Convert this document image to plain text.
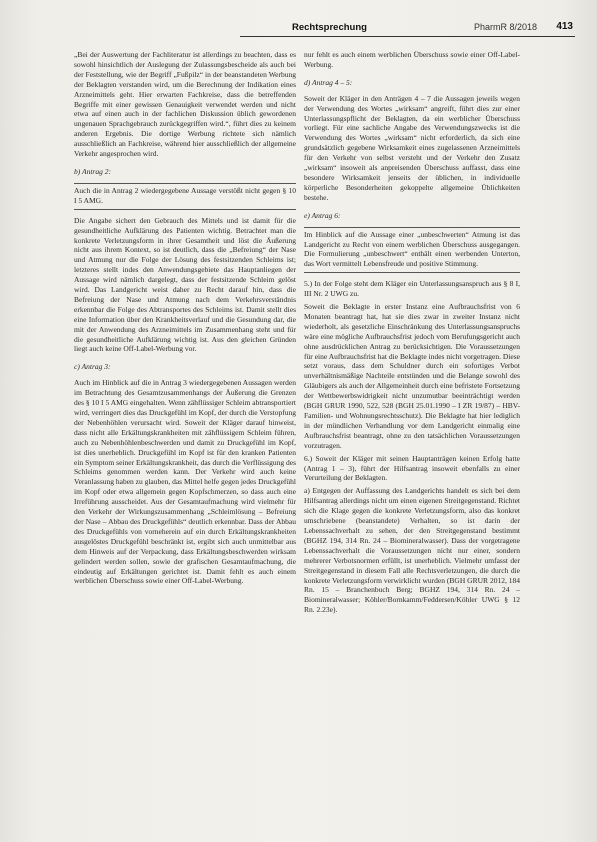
Rechtsprechung	PharmR 8/2018 413

„Bei der Auswertung der Fachliteratur ist allerdings zu beachten, dass es sowohl hinsichtlich der Auslegung der Zulassungsbescheide als auch bei der Feststellung, wie der Begriff „Fußpilz“ in der beanstandeten Werbung der Beklagten verstanden wird, um die Berechnung der Indikation eines Arzneimittels geht. Hier erwarten Fachkreise, dass die betreffenden Begriffe mit einer gewissen Genauigkeit verwendet werden und nicht etwa auf einen auch in der fachlichen Diskussion üblich gewordenen ungenauen Sprachgebrauch zurückgegriffen wird.“, führt dies zu keinem anderen Ergebnis. Die dortige Werbung richtete sich nämlich ausschließlich an Fachkreise, während hier ausschließlich der allgemeine Verkehr angesprochen wird.

b) Antrag 2:

Auch die in Antrag 2 wiedergegebene Aussage verstößt nicht gegen § 10 I 5 AMG.

Die Angabe sichert den Gebrauch des Mittels und ist damit für die gesundheitliche Aufklärung des Patienten wichtig. Betrachtet man die konkrete Verletzungsform in ihrer Gesamtheit und löst die Äußerung nicht aus ihrem Kontext, so ist deutlich, dass die „Befreiung“ der Nase und Atmung nur die Folge der Lösung des festsitzenden Schleims ist; letzteres stellt indes den Anwendungsgebiete das Hauptanliegen der Aussage wird nämlich dargelegt, dass der festsitzende Schleim gelöst wird. Das Landgericht weist daher zu Recht darauf hin, dass die Befreiung der Nase und Atmung nach dem Verkehrsverständnis erkennbar die Folge des Abtransportes des Schleims ist. Damit stellt dies eine Information über den Krankheitsverlauf und die Gesundung dar, die mit der Anwendung des Arzneimittels im Zusammenhang steht und für die gesundheitliche Aufklärung wichtig ist. Aus den gleichen Gründen liegt auch keine Off-Label-Werbung vor.

c) Antrag 3:

Auch im Hinblick auf die in Antrag 3 wiedergegebenen Aussagen werden im Betrachtung des Gesamtzusammenhangs der Äußerung die Grenzen des § 10 I 5 AMG eingehalten. Wenn zähflüssiger Schleim abtransportiert wird, verringert dies das Druckgefühl im Kopf, der durch die Verstopfung der Nebenhöhlen verursacht wird. Soweit der Kläger darauf hinweist, dass nicht alle Erkältungskrankheiten mit zähflüssigem Schleim führen, auch zu Nebenhöhlenbeschwerden und damit zu Druckgefühl im Kopf, ist dies unerheblich. Druckgefühl im Kopf ist für den kranken Patienten ein Symptom seiner Erkältungskrankheit, das durch die Verflüssigung des Schleims genommen werden kann. Der Verkehr wird auch keine Veranlassung haben zu glauben, das Mittel helfe gegen jedes Druckgefühl im Kopf oder etwa allgemein gegen Kopfschmerzen, so dass auch eine Irreführung ausscheidet. Aus der Gesamtaufmachung wird vielmehr für den Verkehr der Wirkungszusammenhang „Schleimlösung – Befreiung der Nase – Abbau des Druckgefühls“ deutlich erkennbar. Dass der Abbau des Druckgefühls von vorneherein auf ein durch Erkältungskrankheiten ausgelöstes Druckgefühl beschränkt ist, ergibt sich auch unmittelbar aus dem Hinweis auf der Verpackung, dass Erkältungsbeschwerden wirksam gelindert werden sollen, sowie der grafischen Gesamtaufmachung, die eindeutig auf Erkältungen gerichtet ist. Damit fehlt es auch einem werblichen Überschuss sowie einer Off-Label-Werbung.

nur fehlt es auch einem werblichen Überschuss sowie einer Off-Label-Werbung.

d) Antrag 4 – 5:

Soweit der Kläger in den Anträgen 4 – 7 die Aussagen jeweils wegen der Verwendung des Wortes „wirksam“ angreift, führt dies zur einer Unterlassungspflicht der Beklagten, da ein werblicher Überschuss vorliegt. Für eine sachliche Angabe des Verwendungszwecks ist die Verwendung des Wortes „wirksam“ nicht erforderlich, da sich eine grundsätzlich gegebene Wirksamkeit eines zugelassenen Arzneimittels für den Verkehr von selbst versteht und der Verkehr den Zusatz „wirksam“ insoweit als anpreisenden Überschuss auffasst, dass eine besondere Wirksamkeit jenseits der üblichen, in individuelle körperliche Besonderheiten gekoppelte allgemeine Üblichkeiten bestehe.

e) Antrag 6:

Im Hinblick auf die Aussage einer „unbeschwerten“ Atmung ist das Landgericht zu Recht von einem werblichen Überschuss ausgegangen. Die Formulierung „unbeschwert“ enthält einen werbenden Unterton, das Wort vermittelt Lebensfreude und positive Stimmung.

5.) In der Folge steht dem Kläger ein Unterlassungsanspruch aus § 8 I, III Nr. 2 UWG zu.

Soweit die Beklagte in erster Instanz eine Aufbrauchsfrist von 6 Monaten beantragt hat, hat sie dies zwar in zweiter Instanz nicht wiederholt, als gesetzliche Einschränkung des Unterlassungsanspruchs wäre eine mögliche Aufbrauchsfrist jedoch vom Berufungsgericht auch ohne ausdrücklichen Antrag zu berücksichtigen. Die Voraussetzungen für eine Aufbrauchsfrist hat die Beklagte indes nicht vorgetragen. Diese setzt voraus, dass dem Schuldner durch ein sofortiges Verbot unverhältnismäßige Nachteile entstünden und die Belange sowohl des Gläubigers als auch der Allgemeinheit durch eine befristete Fortsetzung der Wettbewerbswidrigkeit nicht unzumutbar beeinträchtigt werden (BGH GRUR 1990, 522, 528 (BGH 25.01.1990 – I ZR 19/87) – HBV-Familien- und Wohnungsrechtsschutz). Die Beklagte hat hier lediglich in der mündlichen Verhandlung vor dem Landgericht einmalig eine Aufbrauchsfrist beantragt, ohne zu den tatsächlichen Voraussetzungen vorzutragen.

6.) Soweit der Kläger mit seinen Hauptanträgen keinen Erfolg hatte (Antrag 1 – 3), führt der Hilfsantrag insoweit ebenfalls zu einer Verurteilung der Beklagten.

a) Entgegen der Auffassung des Landgerichts handelt es sich bei dem Hilfsantrag allerdings nicht um einen eigenen Streitgegenstand. Richtet sich die Klage gegen die konkrete Verletzungsform, also das konkret umschriebene (beanstandete) Verhalten, so ist darin der Lebenssachverhalt zu sehen, der den Streitgegenstand bestimmt (BGHZ 194, 314 Rn. 24 – Biomineralwasser). Dass der vorgetragene Lebenssachverhalt die Voraussetzungen nicht nur einer, sondern mehrerer Verbotsnormen erfüllt, ist unerheblich. Vielmehr umfasst der Streitgegenstand in diesem Fall alle Rechtsverletzungen, die durch die konkrete Verletzungsform verwirklicht wurden (BGH GRUR 2012, 184 Rn. 15 – Branchenbuch Berg; BGHZ 194, 314 Rn. 24 – Biomineralwasser; Köhler/Bornkamm/Feddersen/Köhler UWG § 12 Rn. 2.23e).
